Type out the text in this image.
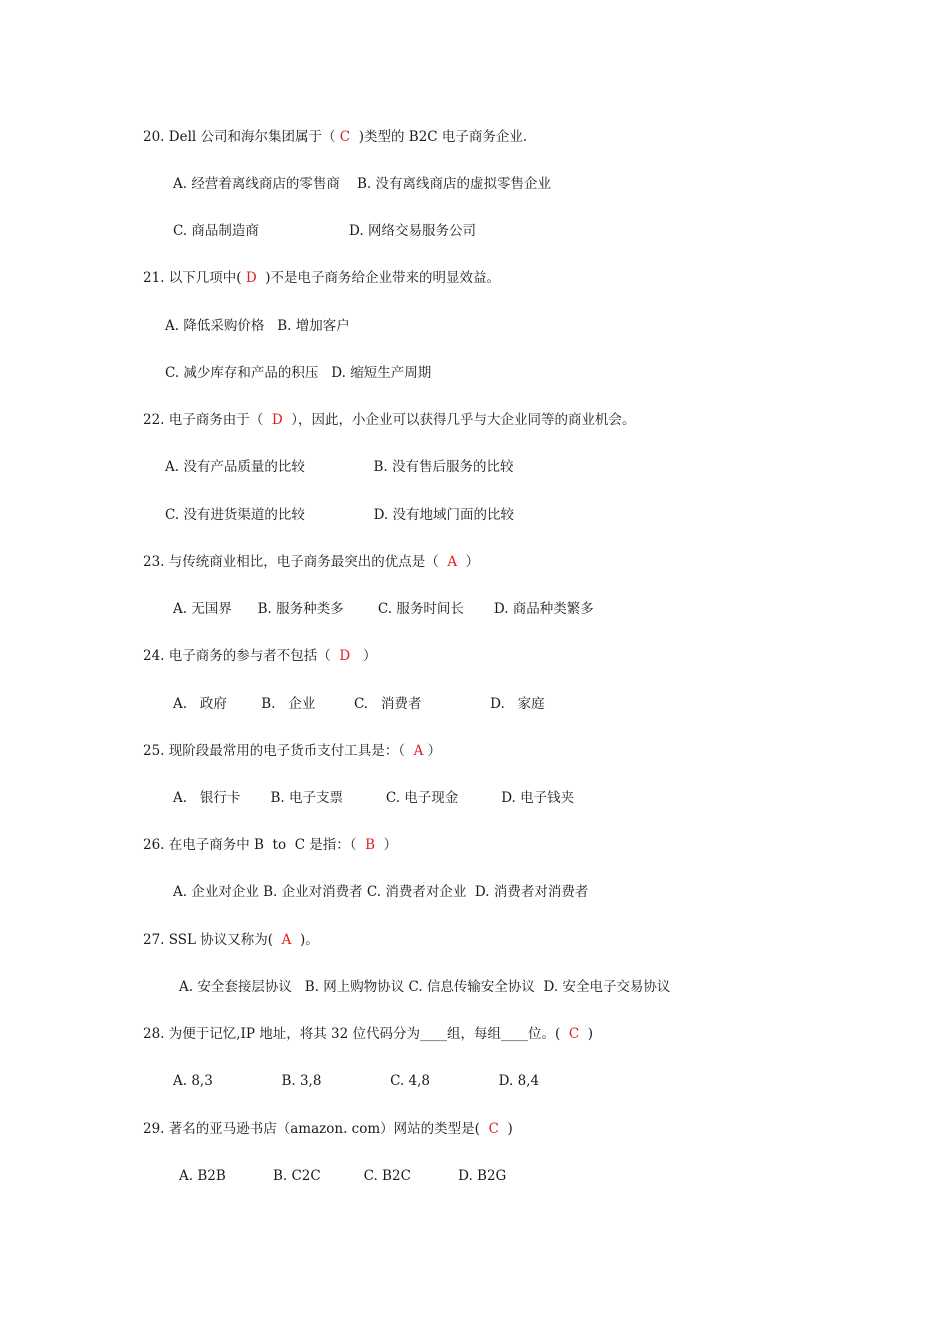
20. Dell 公司和海尔集团属于（ C  )类型的 B2C 电子商务企业.
A. 经营着离线商店的零售商    B. 没有离线商店的虚拟零售企业
C. 商品制造商                     D. 网络交易服务公司
21. 以下几项中( D  )不是电子商务给企业带来的明显效益。
A. 降低采购价格   B. 增加客户
C. 减少库存和产品的积压   D. 缩短生产周期
22. 电子商务由于（  D  ），因此，小企业可以获得几乎与大企业同等的商业机会。
A. 没有产品质量的比较                B. 没有售后服务的比较
C. 没有进货渠道的比较                D. 没有地域门面的比较
23. 与传统商业相比，电子商务最突出的优点是（  A  ）
A. 无国界      B. 服务种类多        C. 服务时间长       D. 商品种类繁多
24. 电子商务的参与者不包括（  D   ）
A.   政府        B.   企业         C.   消费者                D.   家庭
25. 现阶段最常用的电子货币支付工具是：（  A ）
A.   银行卡       B. 电子支票          C. 电子现金          D. 电子钱夹
26. 在电子商务中 B  to  C 是指：（  B  ）
A. 企业对企业 B. 企业对消费者 C. 消费者对企业  D. 消费者对消费者
27. SSL 协议又称为(  A  )。
A. 安全套接层协议   B. 网上购物协议 C. 信息传输安全协议  D. 安全电子交易协议
28. 为便于记忆,IP 地址，将其 32 位代码分为____组，每组____位。(  C  )
A. 8,3                B. 3,8                C. 4,8                D. 8,4
29. 著名的亚马逊书店（amazon. com）网站的类型是(  C  )
A. B2B           B. C2C          C. B2C           D. B2G
